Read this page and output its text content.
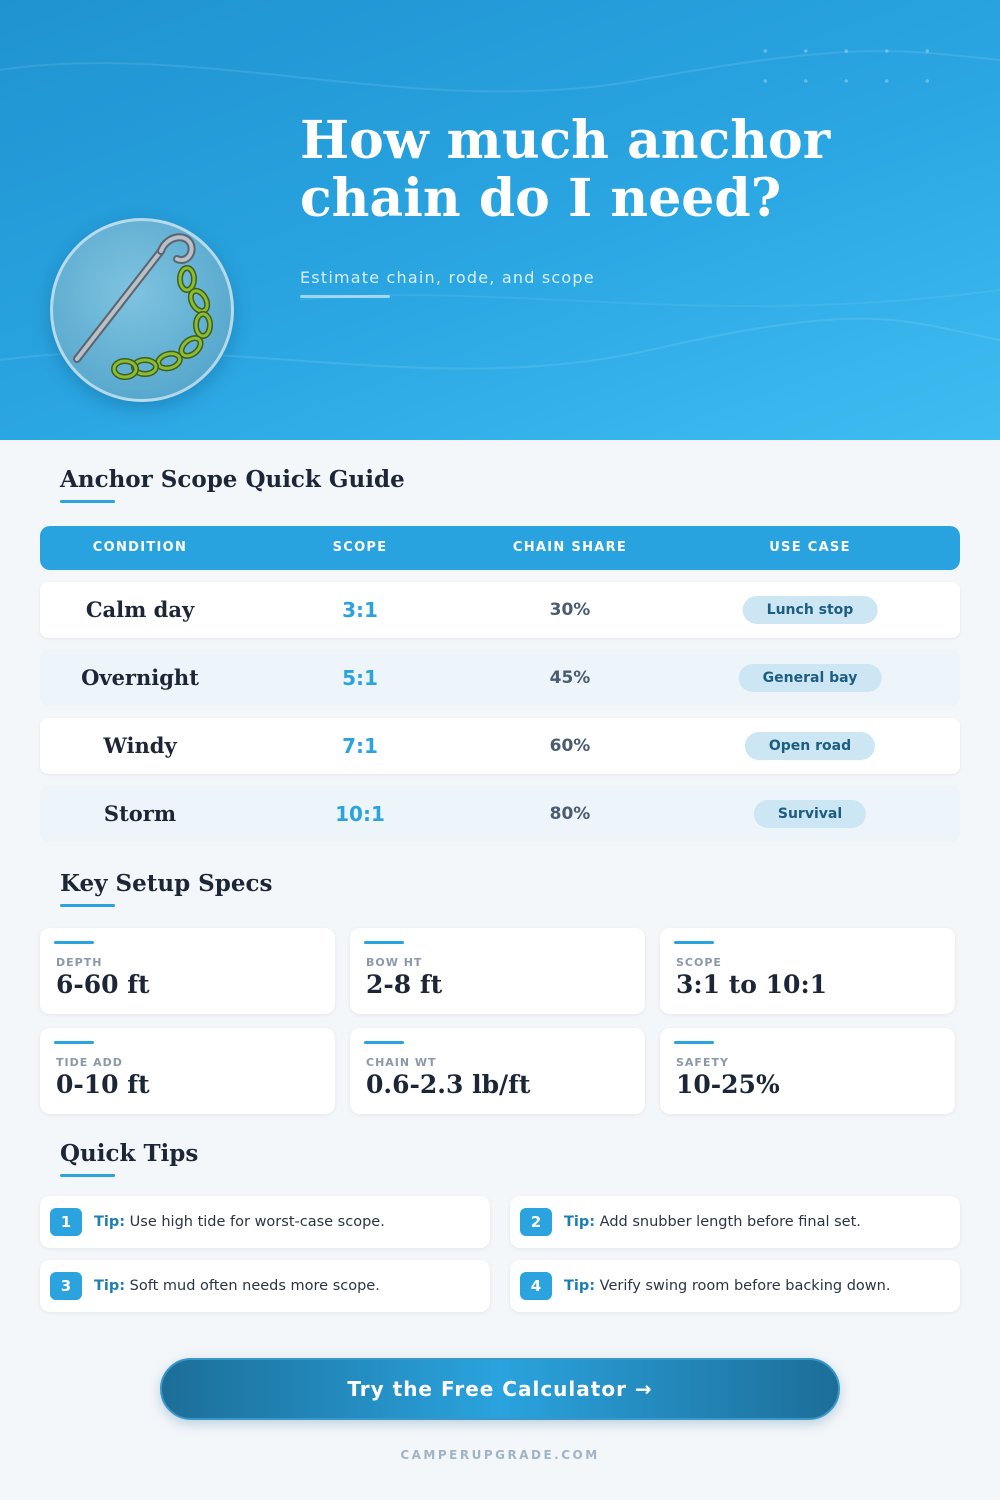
How much anchor chain do I need?
Estimate chain, rode, and scope
Anchor Scope Quick Guide
CONDITION	SCOPE	CHAIN SHARE	USE CASE
Calm day	3:1	30%	Lunch stop
Overnight	5:1	45%	General bay
Windy	7:1	60%	Open road
Storm	10:1	80%	Survival
Key Setup Specs
DEPTH
6-60 ft
BOW HT
2-8 ft
SCOPE
3:1 to 10:1
TIDE ADD
0-10 ft
CHAIN WT
0.6-2.3 lb/ft
SAFETY
10-25%
Quick Tips
1	Tip: Use high tide for worst-case scope.	2	Tip: Add snubber length before final set.
3	Tip: Soft mud often needs more scope.	4	Tip: Verify swing room before backing down.
Try the Free Calculator →
CAMPERUPGRADE.COM
